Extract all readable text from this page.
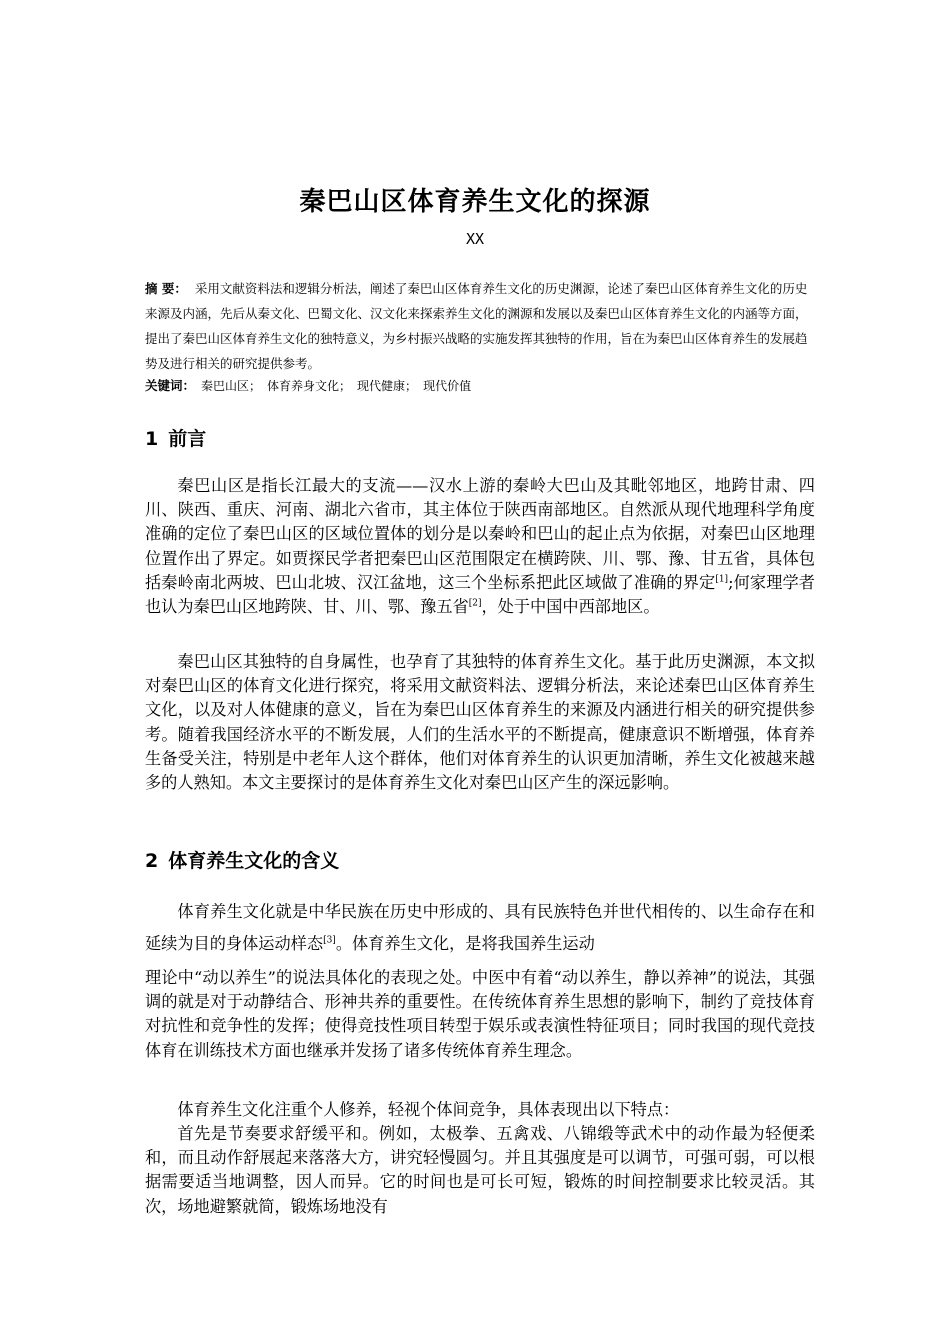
秦巴山区体育养生文化的探源
XX

摘 要： 采用文献资料法和逻辑分析法，阐述了秦巴山区体育养生文化的历史渊源，论述了秦巴山区体育养生文化的历史来源及内涵，先后从秦文化、巴蜀文化、汉文化来探索养生文化的渊源和发展以及秦巴山区体育养生文化的内涵等方面，提出了秦巴山区体育养生文化的独特意义，为乡村振兴战略的实施发挥其独特的作用，旨在为秦巴山区体育养生的发展趋势及进行相关的研究提供参考。

关键词： 秦巴山区； 体育养身文化； 现代健康； 现代价值

1 前言

秦巴山区是指长江最大的支流——汉水上游的秦岭大巴山及其毗邻地区，地跨甘肃、四川、陕西、重庆、河南、湖北六省市，其主体位于陕西南部地区。自然派从现代地理科学角度准确的定位了秦巴山区的区域位置体的划分是以秦岭和巴山的起止点为依据，对秦巴山区地理位置作出了界定。如贾探民学者把秦巴山区范围限定在横跨陕、川、鄂、豫、甘五省，具体包括秦岭南北两坡、巴山北坡、汉江盆地，这三个坐标系把此区域做了准确的界定[1];何家理学者也认为秦巴山区地跨陕、甘、川、鄂、豫五省[2]，处于中国中西部地区。

秦巴山区其独特的自身属性，也孕育了其独特的体育养生文化。基于此历史渊源，本文拟对秦巴山区的体育文化进行探究，将采用文献资料法、逻辑分析法，来论述秦巴山区体育养生文化，以及对人体健康的意义，旨在为秦巴山区体育养生的来源及内涵进行相关的研究提供参考。随着我国经济水平的不断发展，人们的生活水平的不断提高，健康意识不断增强，体育养生备受关注，特别是中老年人这个群体，他们对体育养生的认识更加清晰，养生文化被越来越多的人熟知。本文主要探讨的是体育养生文化对秦巴山区产生的深远影响。

2 体育养生文化的含义

体育养生文化就是中华民族在历史中形成的、具有民族特色并世代相传的、以生命存在和延续为目的身体运动样态[3]。体育养生文化，是将我国养生运动

理论中“动以养生”的说法具体化的表现之处。中医中有着“动以养生，静以养神”的说法，其强调的就是对于动静结合、形神共养的重要性。在传统体育养生思想的影响下，制约了竞技体育对抗性和竞争性的发挥；使得竞技性项目转型于娱乐或表演性特征项目；同时我国的现代竞技体育在训练技术方面也继承并发扬了诸多传统体育养生理念。

体育养生文化注重个人修养，轻视个体间竞争，具体表现出以下特点：

首先是节奏要求舒缓平和。例如，太极拳、五禽戏、八锦缎等武术中的动作最为轻便柔和，而且动作舒展起来落落大方，讲究轻慢圆匀。并且其强度是可以调节，可强可弱，可以根据需要适当地调整，因人而异。它的时间也是可长可短，锻炼的时间控制要求比较灵活。其次，场地避繁就简，锻炼场地没有
